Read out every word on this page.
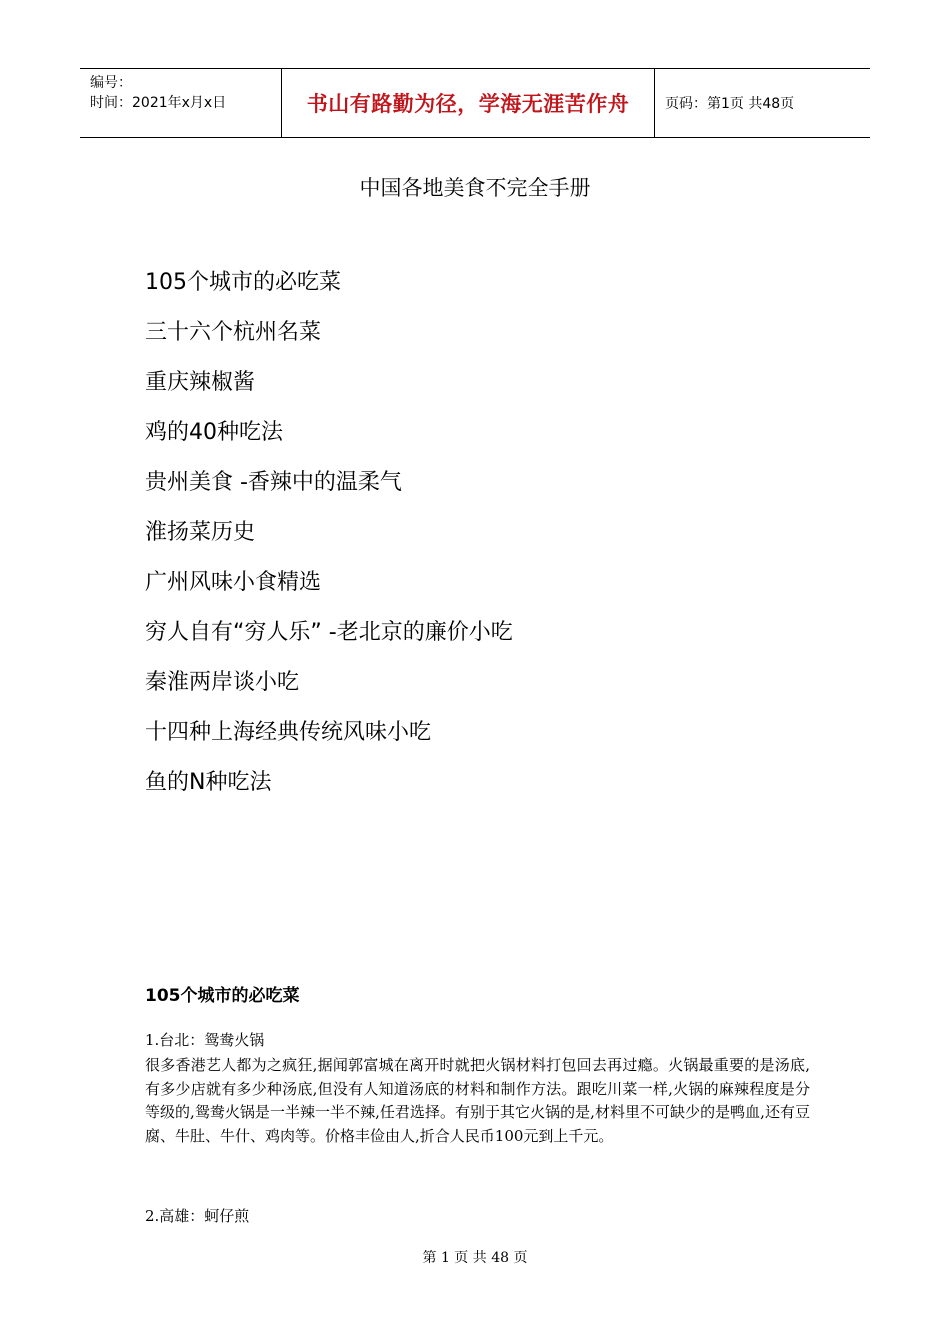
编号：
时间：2021年x月x日	书山有路勤为径，学海无涯苦作舟	页码：第1页 共48页
中国各地美食不完全手册
105个城市的必吃菜
三十六个杭州名菜
重庆辣椒酱
鸡的40种吃法
贵州美食 -香辣中的温柔气
淮扬菜历史
广州风味小食精选
穷人自有“穷人乐” -老北京的廉价小吃
秦淮两岸谈小吃
十四种上海经典传统风味小吃
鱼的N种吃法
105个城市的必吃菜
1.台北：鸳鸯火锅
很多香港艺人都为之疯狂,据闻郭富城在离开时就把火锅材料打包回去再过瘾。火锅最重要的是汤底,有多少店就有多少种汤底,但没有人知道汤底的材料和制作方法。跟吃川菜一样,火锅的麻辣程度是分等级的,鸳鸯火锅是一半辣一半不辣,任君选择。有别于其它火锅的是,材料里不可缺少的是鸭血,还有豆腐、牛肚、牛什、鸡肉等。价格丰俭由人,折合人民币100元到上千元。
2.高雄：蚵仔煎
第 1 页 共 48 页
